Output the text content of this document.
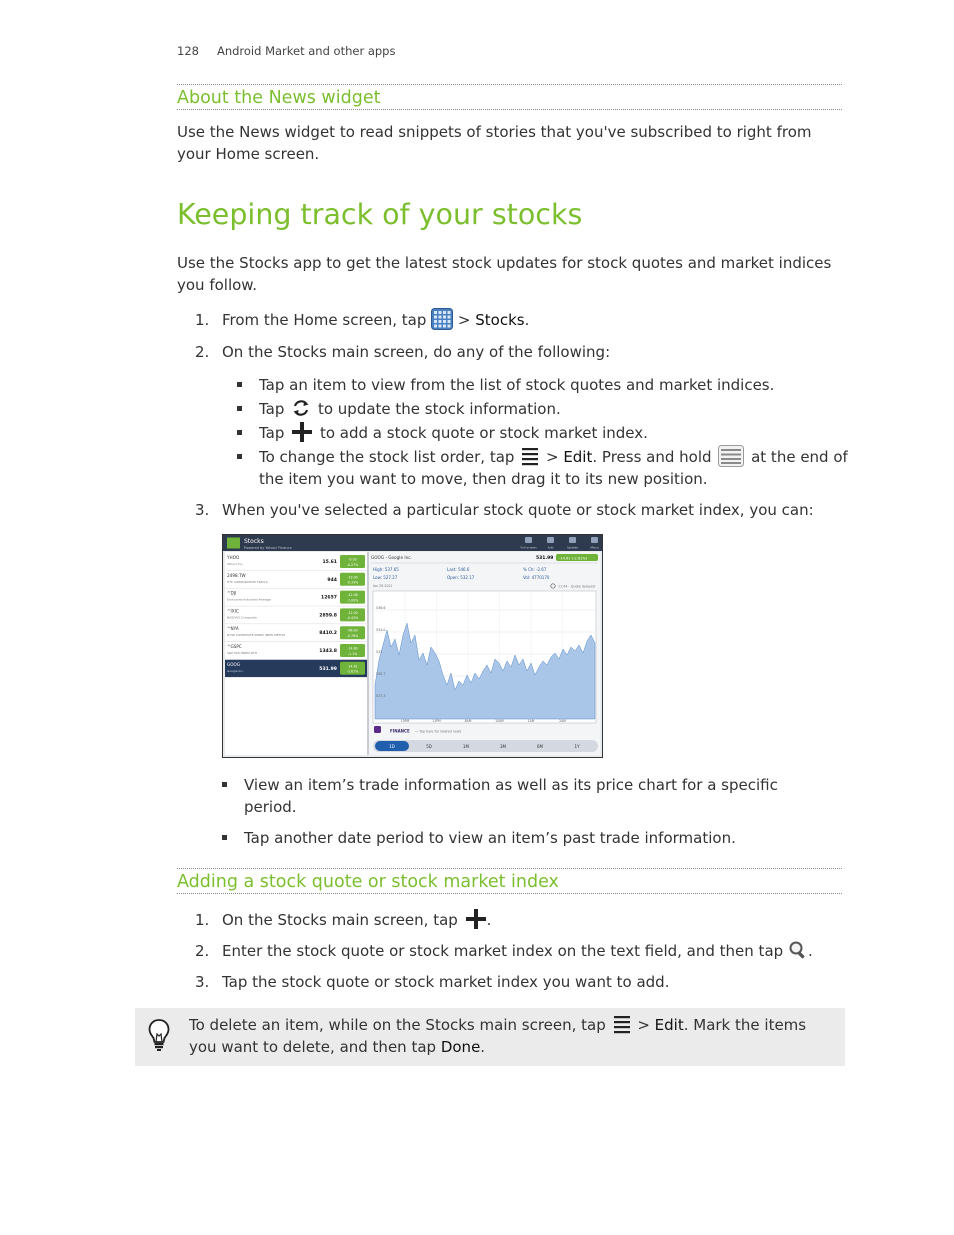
128 Android Market and other apps
About the News widget
Use the News widget to read snippets of stories that you've subscribed to right from your Home screen.
Keeping track of your stocks
Use the Stocks app to get the latest stock updates for stock quotes and market indices you follow.
1. From the Home screen, tap  > Stocks.
2. On the Stocks main screen, do any of the following:
Tap an item to view from the list of stock quotes and market indices.
Tap to update the stock information.
Tap to add a stock quote or stock market index.
To change the stock list order, tap  > Edit. Press and hold	at the end of the item you want to move, then drag it to its new position.
3. When you've selected a particular stock quote or stock market index, you can:
Stocks
Powered by Yahoo! Finance	Full screen	Add	Update	Menu
YHOO
Yahoo! Inc.	15.61
-0.03
-0.27%
2498.TW
HTC CORPORATION TWD10	944
-19.00
-0.33%
^DJI
Dow Jones Industrial Average	12657
-12.06
-1.00%
^IXIC
NASDAQ Composite	2859.8
-12.00
-0.43%
^NYA
NYSE COMPOSITE INDEX (NEW METHO	8410.2
-66.00
-0.78%
^GSPC
S&P 500 INDEX,RTH	1343.8
-14.60
-1.1%
GOOG
Google Inc.	531.99
-14.61
-2.61%
GOOG - Google Inc.	531.99 -14.61 (-2.61%)
High: 537.65
Low: 527.27
Last: 546.6
Open: 532.17
% Ch: -2.67
Vol: 4770170
Jan 28 2011	11:44 - Quote delayed
536.6
534.0
532
530.7
527.3
10PM	11PM	8AM	10AM	1AM	2AM
FINANCE — Tap here for related news
1D	5D	1M	3M	6M	1Y
View an item’s trade information as well as its price chart for a specific period.
Tap another date period to view an item’s past trade information.
Adding a stock quote or stock market index
1. On the Stocks main screen, tap .
2. Enter the stock quote or stock market index on the text field, and then tap .
3. Tap the stock quote or stock market index you want to add.
To delete an item, while on the Stocks main screen, tap  > Edit. Mark the items you want to delete, and then tap Done.
